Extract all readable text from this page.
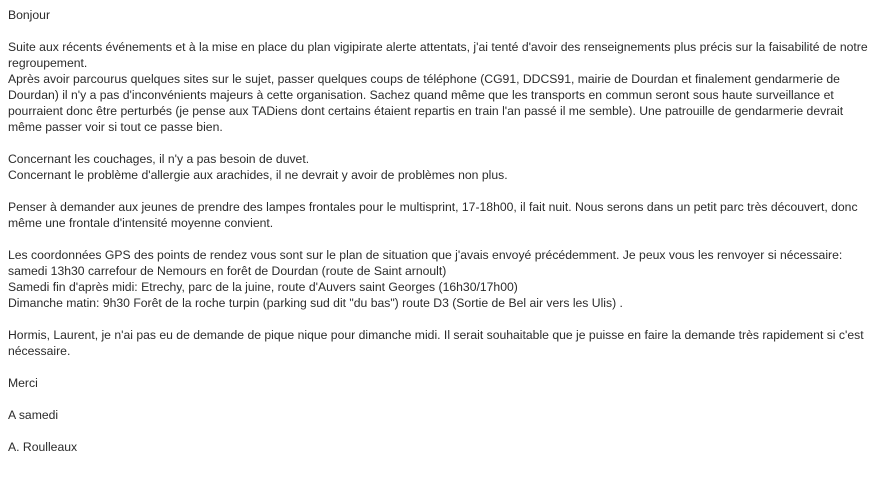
Bonjour
Suite aux récents événements et à la mise en place du plan vigipirate alerte attentats, j'ai tenté d'avoir des renseignements plus précis sur la faisabilité de notre regroupement.
Après avoir parcourus quelques sites sur le sujet, passer quelques coups de téléphone (CG91, DDCS91, mairie de Dourdan et finalement gendarmerie de Dourdan) il n'y a pas d'inconvénients majeurs à cette organisation. Sachez quand même que les transports en commun seront sous haute surveillance et pourraient donc être perturbés (je pense aux TADiens dont certains étaient repartis en train l'an passé il me semble). Une patrouille de gendarmerie devrait même passer voir si tout ce passe bien.
Concernant les couchages, il n'y a pas besoin de duvet.
Concernant le problème d'allergie aux arachides, il ne devrait y avoir de problèmes non plus.
Penser à demander aux jeunes de prendre des lampes frontales pour le multisprint, 17-18h00, il fait nuit. Nous serons dans un petit parc très découvert, donc même une frontale d'intensité moyenne convient.
Les coordonnées GPS des points de rendez vous sont sur le plan de situation que j'avais envoyé précédemment. Je peux vous les renvoyer si nécessaire:
samedi 13h30 carrefour de Nemours en forêt de Dourdan (route de Saint arnoult)
Samedi fin d'après midi: Etrechy, parc de la juine, route d'Auvers saint Georges (16h30/17h00)
Dimanche matin: 9h30 Forêt de la roche turpin (parking sud dit "du bas") route D3 (Sortie de Bel air vers les Ulis) .
Hormis, Laurent, je n'ai pas eu de demande de pique nique pour dimanche midi. Il serait souhaitable que je puisse en faire la demande très rapidement si c'est nécessaire.
Merci
A samedi
A. Roulleaux
